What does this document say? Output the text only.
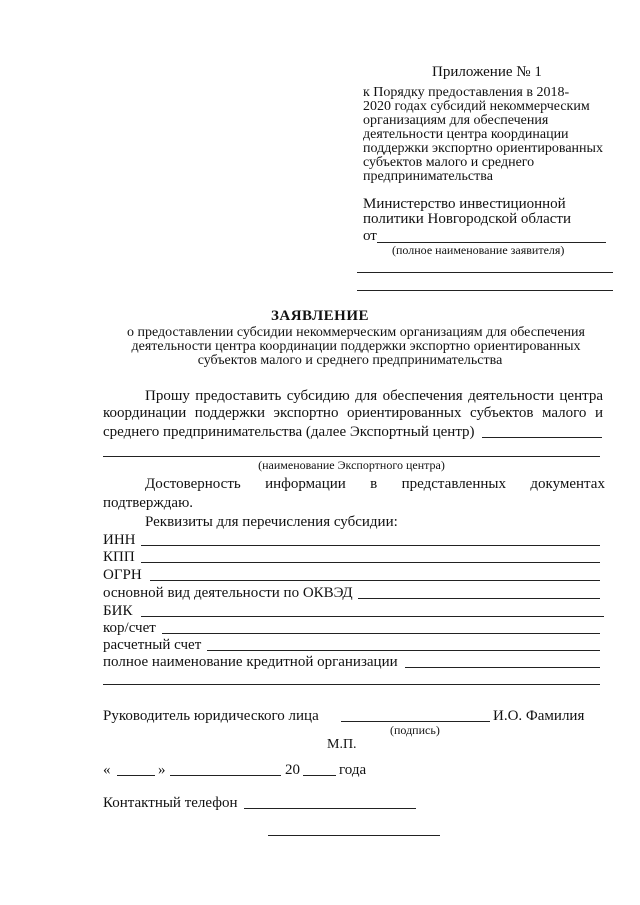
Приложение № 1
к Порядку предоставления в 2018-
2020 годах субсидий некоммерческим
организациям для обеспечения
деятельности центра координации
поддержки экспортно ориентированных
субъектов малого и среднего
предпринимательства
Министерство инвестиционной
политики Новгородской области
от
(полное наименование заявителя)
ЗАЯВЛЕНИЕ
о предоставлении субсидии некоммерческим организациям для обеспечения
деятельности центра координации поддержки экспортно ориентированных
субъектов малого и среднего предпринимательства
Прошу предоставить субсидию для обеспечения деятельности центра
координации поддержки экспортно ориентированных субъектов малого и
среднего предпринимательства (далее Экспортный центр)
(наименование Экспортного центра)
Достоверность информации в представленных документах
подтверждаю.
Реквизиты для перечисления субсидии:
ИНН
КПП
ОГРН
основной вид деятельности по ОКВЭД
БИК
кор/счет
расчетный счет
полное наименование кредитной организации
Руководитель юридического лица	И.О. Фамилия
(подпись)
М.П.
«	»	20	года
Контактный телефон
